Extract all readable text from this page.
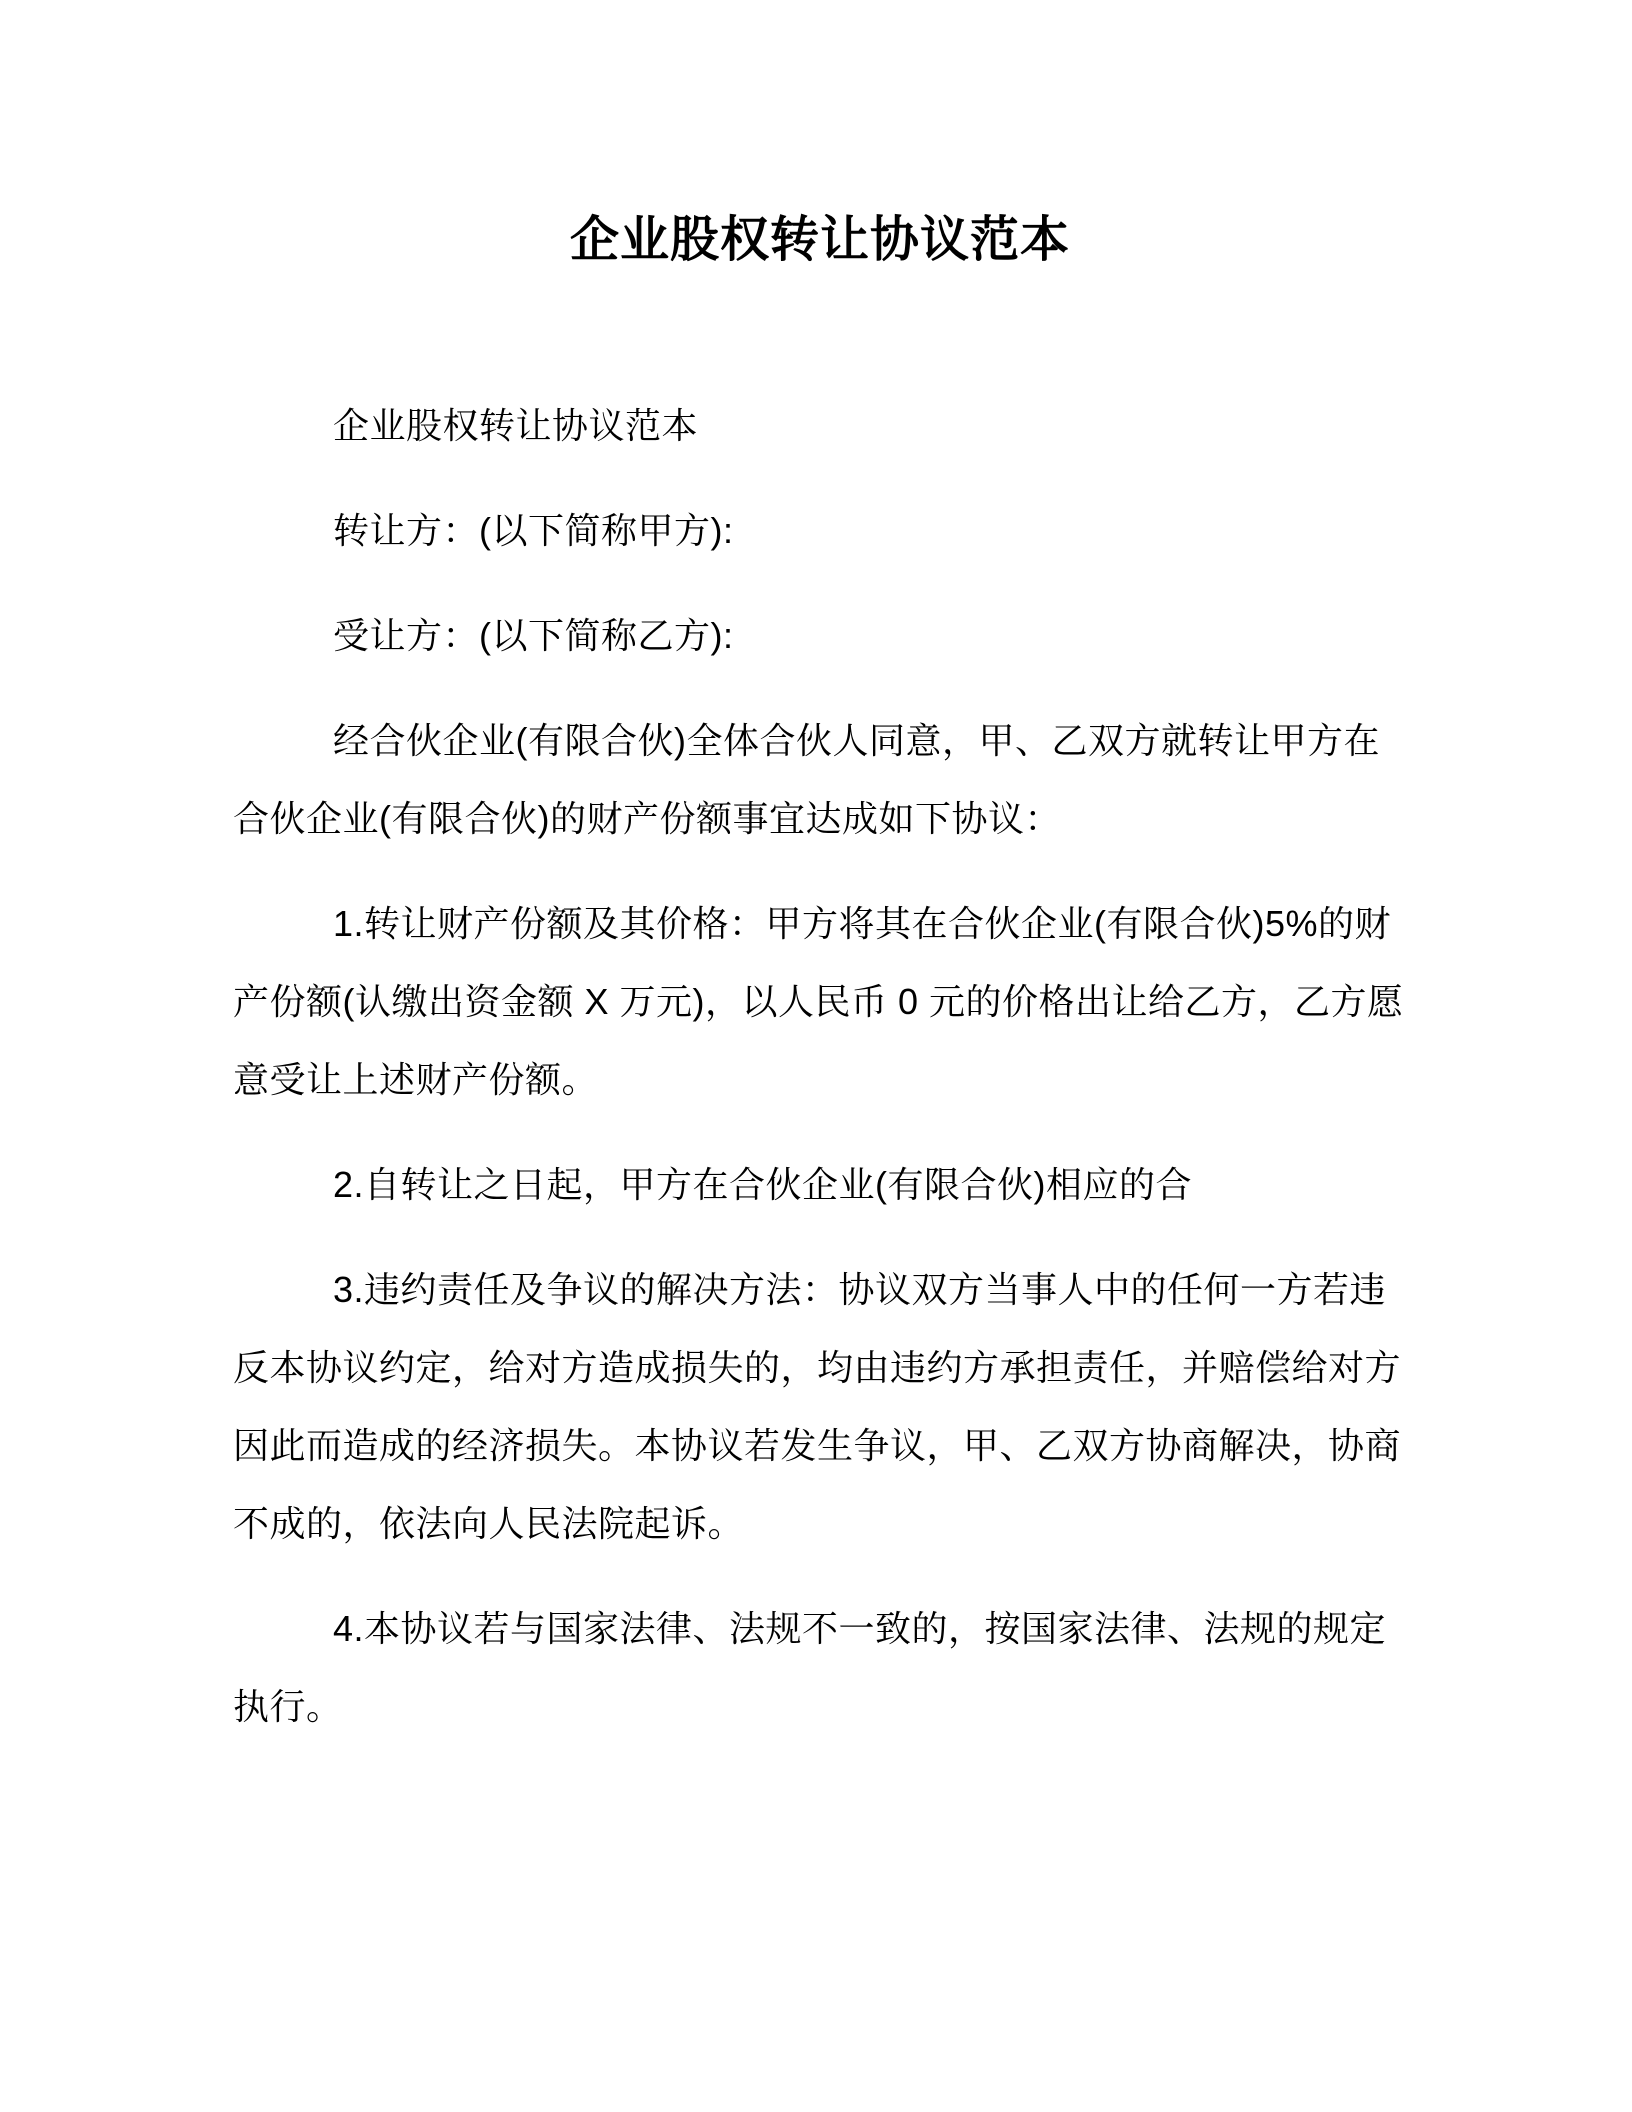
企业股权转让协议范本

企业股权转让协议范本

转让方：(以下简称甲方):

受让方：(以下简称乙方):

经合伙企业(有限合伙)全体合伙人同意，甲、乙双方就转让甲方在合伙企业(有限合伙)的财产份额事宜达成如下协议：

1.转让财产份额及其价格：甲方将其在合伙企业(有限合伙)5%的财产份额(认缴出资金额 X 万元)，以人民币 0 元的价格出让给乙方，乙方愿意受让上述财产份额。

2.自转让之日起，甲方在合伙企业(有限合伙)相应的合

3.违约责任及争议的解决方法：协议双方当事人中的任何一方若违反本协议约定，给对方造成损失的，均由违约方承担责任，并赔偿给对方因此而造成的经济损失。本协议若发生争议，甲、乙双方协商解决，协商不成的，依法向人民法院起诉。

4.本协议若与国家法律、法规不一致的，按国家法律、法规的规定执行。
